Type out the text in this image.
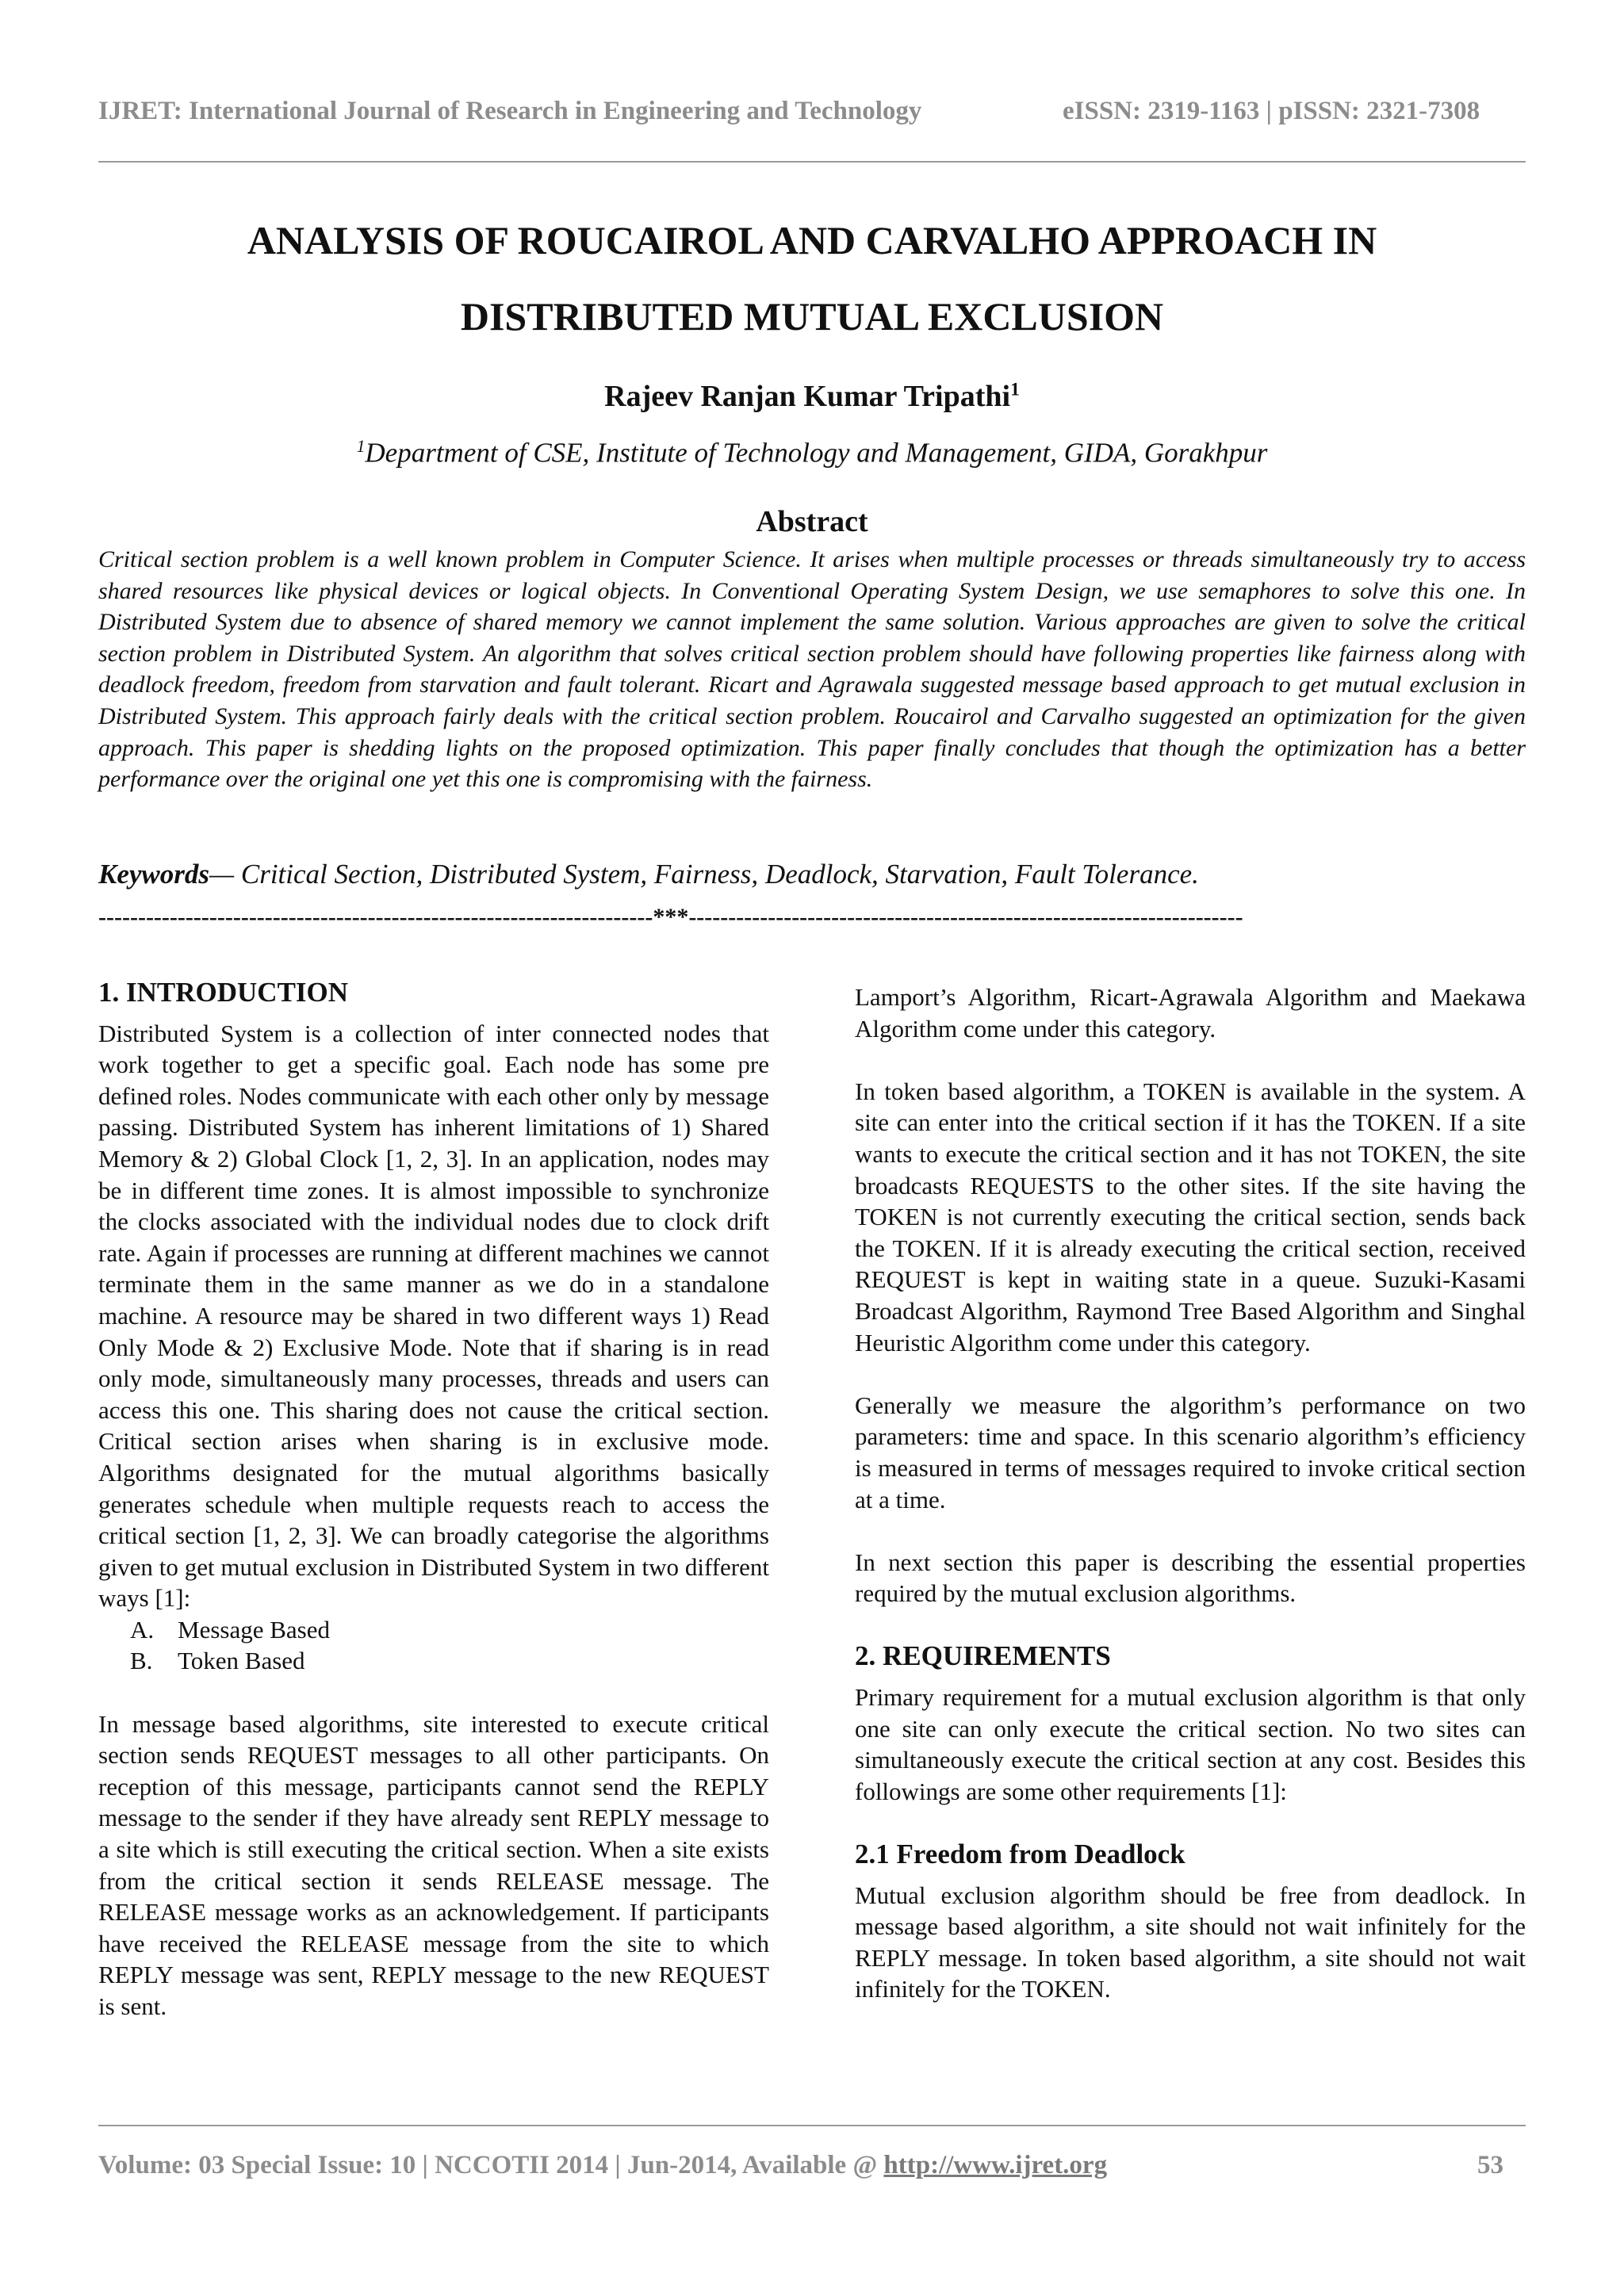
IJRET: International Journal of Research in Engineering and Technology	eISSN: 2319-1163 | pISSN: 2321-7308
ANALYSIS OF ROUCAIROL AND CARVALHO APPROACH IN
DISTRIBUTED MUTUAL EXCLUSION
Rajeev Ranjan Kumar Tripathi$^1$
$^1$Department of CSE, Institute of Technology and Management, GIDA, Gorakhpur
Abstract

Critical section problem is a well known problem in Computer Science. It arises when multiple processes or threads simultaneously try to access shared resources like physical devices or logical objects. In Conventional Operating System Design, we use semaphores to solve this one. In Distributed System due to absence of shared memory we cannot implement the same solution. Various approaches are given to solve the critical section problem in Distributed System. An algorithm that solves critical section problem should have following properties like fairness along with deadlock freedom, freedom from starvation and fault tolerant. Ricart and Agrawala suggested message based approach to get mutual exclusion in Distributed System. This approach fairly deals with the critical section problem. Roucairol and Carvalho suggested an optimization for the given approach. This paper is shedding lights on the proposed optimization. This paper finally concludes that though the optimization has a better performance over the original one yet this one is compromising with the fairness.

Keywords— Critical Section, Distributed System, Fairness, Deadlock, Starvation, Fault Tolerance.
----------------------------------------------------------------------***----------------------------------------------------------------------
1. INTRODUCTION

Distributed System is a collection of inter connected nodes that work together to get a specific goal. Each node has some pre defined roles. Nodes communicate with each other only by message passing. Distributed System has inherent limitations of 1) Shared Memory & 2) Global Clock [1, 2, 3]. In an application, nodes may be in different time zones. It is almost impossible to synchronize the clocks associated with the individual nodes due to clock drift rate. Again if processes are running at different machines we cannot terminate them in the same manner as we do in a standalone machine. A resource may be shared in two different ways 1) Read Only Mode & 2) Exclusive Mode. Note that if sharing is in read only mode, simultaneously many processes, threads and users can access this one. This sharing does not cause the critical section. Critical section arises when sharing is in exclusive mode. Algorithms designated for the mutual algorithms basically generates schedule when multiple requests reach to access the critical section [1, 2, 3]. We can broadly categorise the algorithms given to get mutual exclusion in Distributed System in two different ways [1]:

A. Message Based
B.	Token Based

In message based algorithms, site interested to execute critical section sends REQUEST messages to all other participants. On reception of this message, participants cannot send the REPLY message to the sender if they have already sent REPLY message to a site which is still executing the critical section. When a site exists from the critical section it sends RELEASE message. The RELEASE message works as an acknowledgement. If participants have received the RELEASE message from the site to which REPLY message was sent, REPLY message to the new REQUEST is sent.

Lamport’s Algorithm, Ricart-Agrawala Algorithm and Maekawa Algorithm come under this category.

In token based algorithm, a TOKEN is available in the system. A site can enter into the critical section if it has the TOKEN. If a site wants to execute the critical section and it has not TOKEN, the site broadcasts REQUESTS to the other sites. If the site having the TOKEN is not currently executing the critical section, sends back the TOKEN. If it is already executing the critical section, received REQUEST is kept in waiting state in a queue. Suzuki-Kasami Broadcast Algorithm, Raymond Tree Based Algorithm and Singhal Heuristic Algorithm come under this category.

Generally we measure the algorithm’s performance on two parameters: time and space. In this scenario algorithm’s efficiency is measured in terms of messages required to invoke critical section at a time.

In next section this paper is describing the essential properties required by the mutual exclusion algorithms.

2. REQUIREMENTS

Primary requirement for a mutual exclusion algorithm is that only one site can only execute the critical section. No two sites can simultaneously execute the critical section at any cost. Besides this followings are some other requirements [1]:

2.1 Freedom from Deadlock

Mutual exclusion algorithm should be free from deadlock. In message based algorithm, a site should not wait infinitely for the REPLY message. In token based algorithm, a site should not wait infinitely for the TOKEN.

Volume: 03 Special Issue: 10 | NCCOTII 2014 | Jun-2014, Available @ http://www.ijret.org	53
